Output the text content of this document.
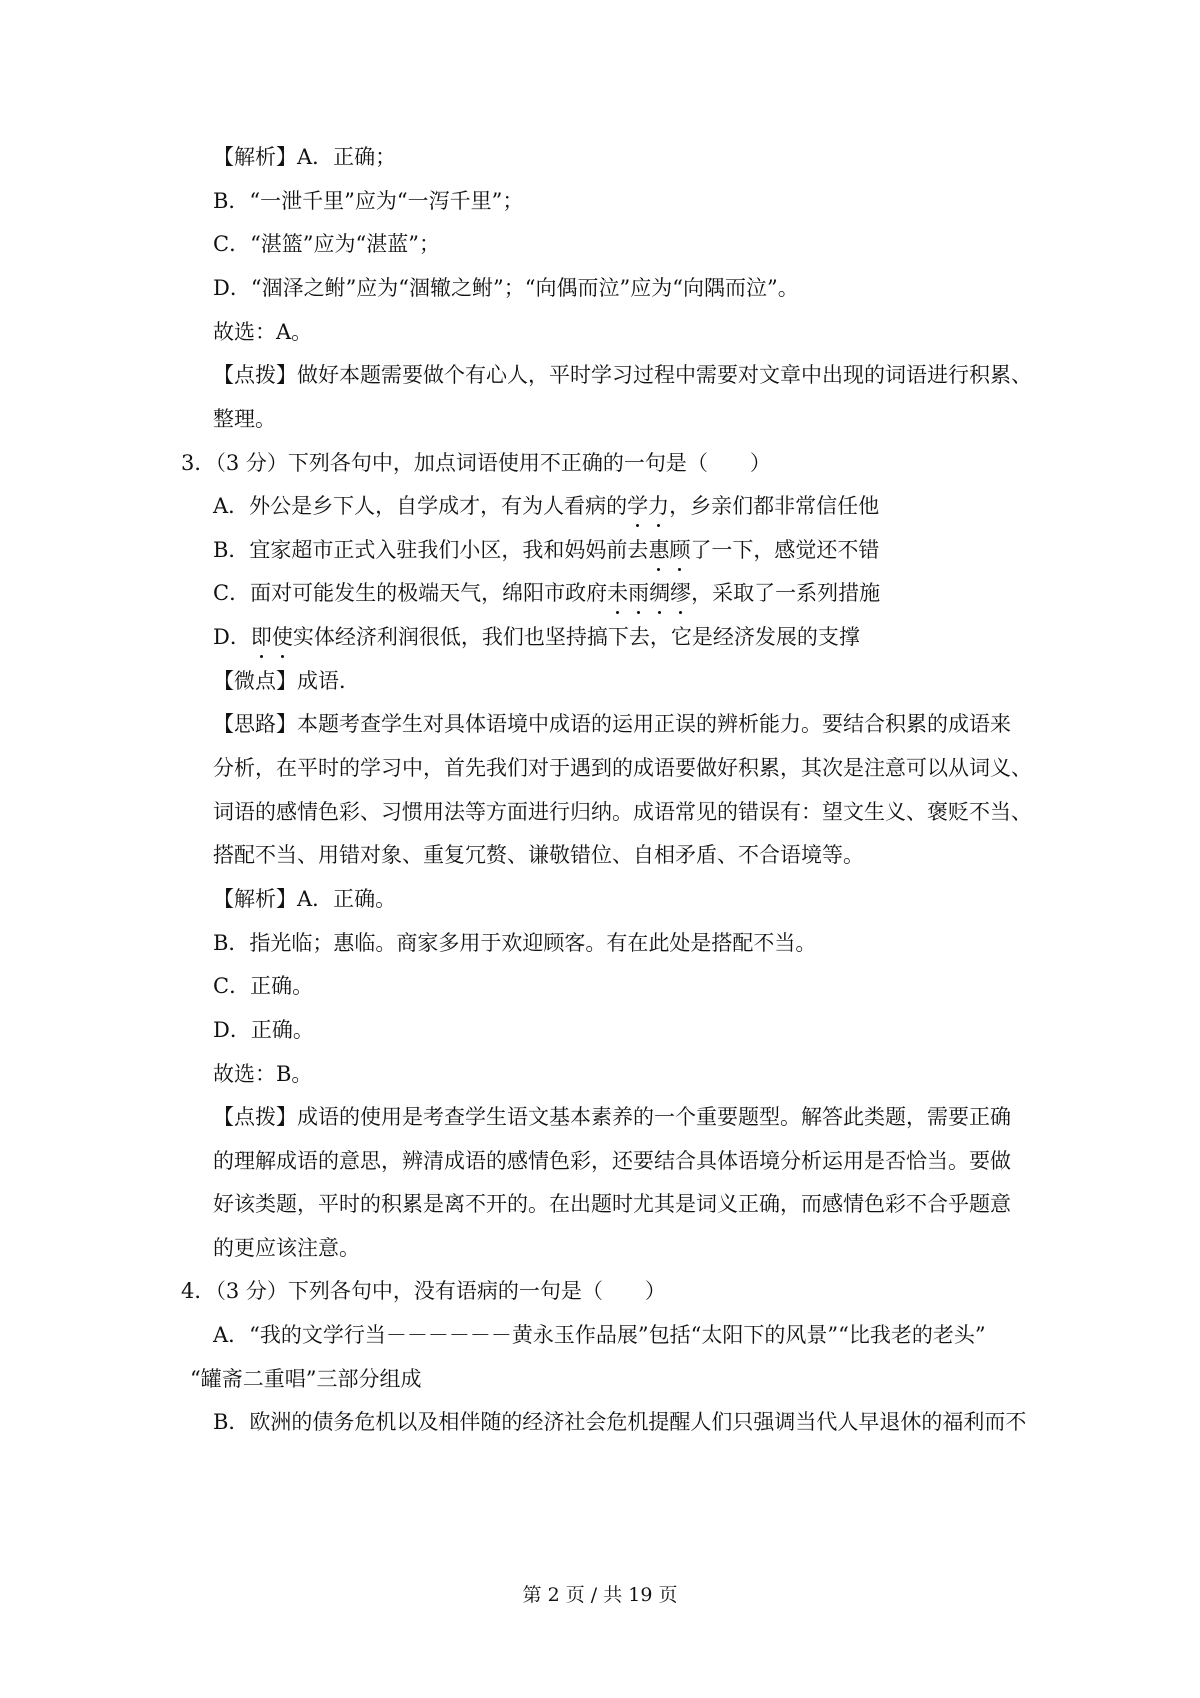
【解析】A．正确；
B．“一泄千里”应为“一泻千里”；
C．“湛篮”应为“湛蓝”；
D．“涸泽之鲋”应为“涸辙之鲋”；“向偶而泣”应为“向隅而泣”。
故选：A。
【点拨】做好本题需要做个有心人，平时学习过程中需要对文章中出现的词语进行积累、
整理。
3．（3 分）下列各句中，加点词语使用不正确的一句是（　　）
A．外公是乡下人，自学成才，有为人看病的学力，乡亲们都非常信任他
B．宜家超市正式入驻我们小区，我和妈妈前去惠顾了一下，感觉还不错
C．面对可能发生的极端天气，绵阳市政府未雨绸缪，采取了一系列措施
D．即使实体经济利润很低，我们也坚持搞下去，它是经济发展的支撑
【微点】成语．
【思路】本题考查学生对具体语境中成语的运用正误的辨析能力。要结合积累的成语来
分析，在平时的学习中，首先我们对于遇到的成语要做好积累，其次是注意可以从词义、
词语的感情色彩、习惯用法等方面进行归纳。成语常见的错误有：望文生义、褒贬不当、
搭配不当、用错对象、重复冗赘、谦敬错位、自相矛盾、不合语境等。
【解析】A．正确。
B．指光临；惠临。商家多用于欢迎顾客。有在此处是搭配不当。
C．正确。
D．正确。
故选：B。
【点拨】成语的使用是考查学生语文基本素养的一个重要题型。解答此类题，需要正确
的理解成语的意思，辨清成语的感情色彩，还要结合具体语境分析运用是否恰当。要做
好该类题，平时的积累是离不开的。在出题时尤其是词义正确，而感情色彩不合乎题意
的更应该注意。
4．（3 分）下列各句中，没有语病的一句是（　　）
A．“我的文学行当－－－－－－黄永玉作品展”包括“太阳下的风景”“比我老的老头”
“罐斋二重唱”三部分组成
B．欧洲的债务危机以及相伴随的经济社会危机提醒人们只强调当代人早退休的福利而不
第 2 页 / 共 19 页
